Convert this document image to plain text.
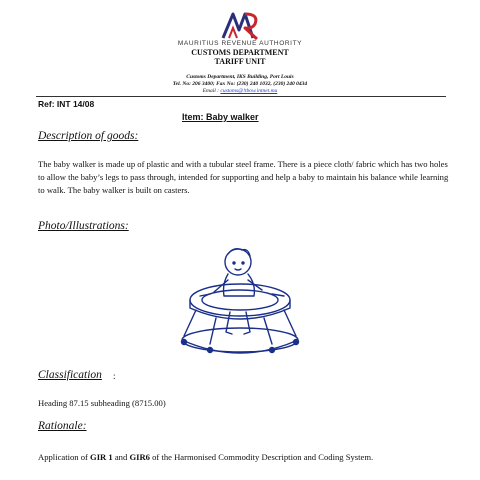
MAURITIUS REVENUE AUTHORITY
CUSTOMS DEPARTMENT
TARIFF UNIT
Customs Department, IKS Building, Port Louis
Tel. No: 206 3400; Fax No: (230) 240 1032, (230) 240 0434
Email : customs@!tbow.intnet.mu
Ref: INT 14/08
Item: Baby walker
Description of goods:
The baby walker is made up of plastic and with a tubular steel frame. There is a piece cloth/ fabric which has two holes to allow the baby’s legs to pass through, intended for supporting and help a baby to maintain his balance while learning to walk. The baby walker is built on casters.
Photo/Illustrations:
Classification :
Heading 87.15 subheading (8715.00)
Rationale:
Application of GIR 1 and GIR6 of the Harmonised Commodity Description and Coding System.
